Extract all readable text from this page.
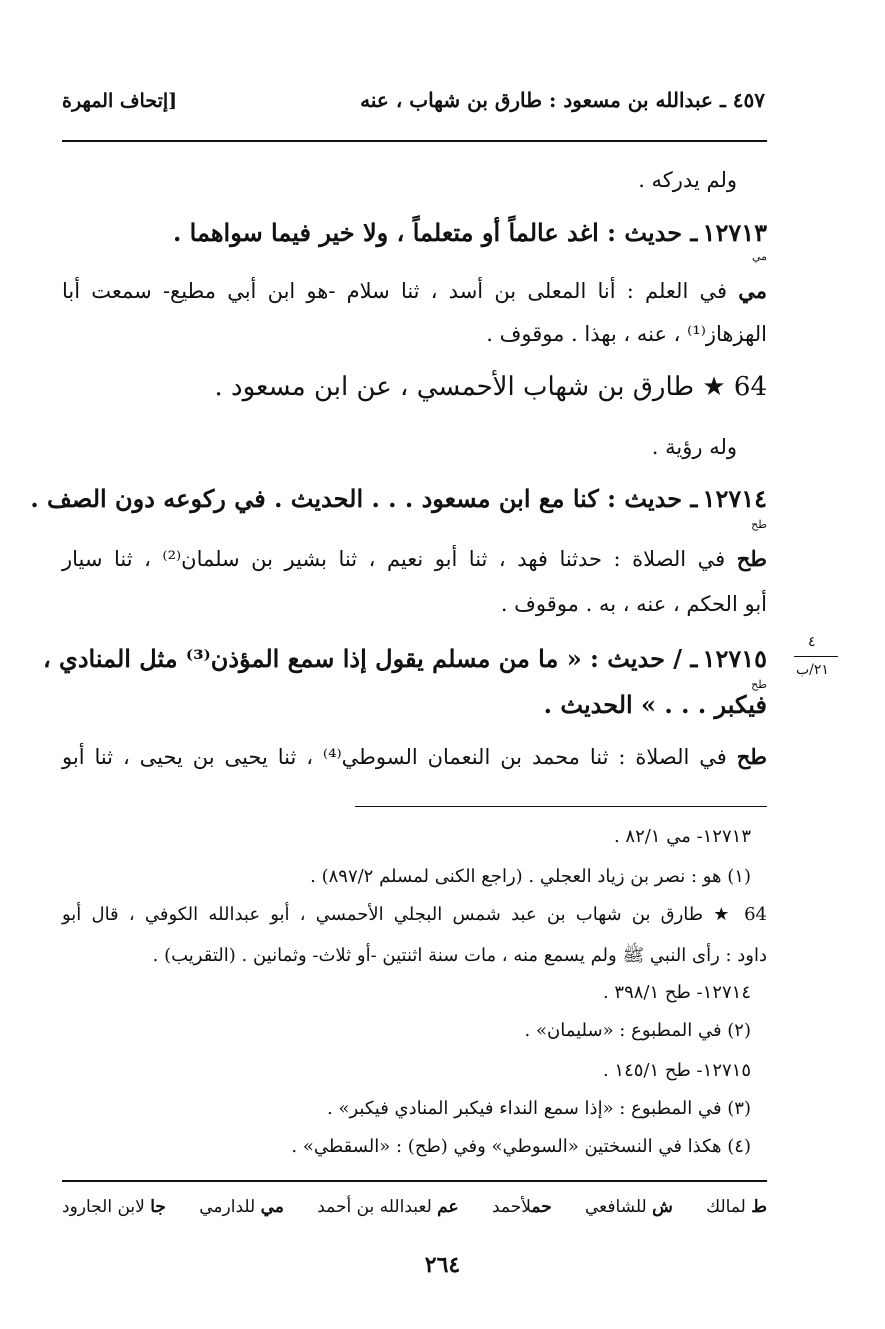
٤٥٧ ـ عبدالله بن مسعود : طارق بن شهاب ، عنه
[إتحاف المهرة
ولم يدركه .
١٢٧١٣ ـ حديث : اغد عالماً أو متعلماً ، ولا خير فيما سواهما .
مي
مي في العلم : أنا المعلى بن أسد ، ثنا سلام -هو ابن أبي مطيع- سمعت أبا
الهزهاز⁽¹⁾ ، عنه ، بهذا . موقوف .
64 ★ طارق بن شهاب الأحمسي ، عن ابن مسعود .
وله رؤية .
١٢٧١٤ ـ حديث : كنا مع ابن مسعود . . . الحديث . في ركوعه دون الصف .
طح
طح في الصلاة : حدثنا فهد ، ثنا أبو نعيم ، ثنا بشير بن سلمان⁽²⁾ ، ثنا سيار
أبو الحكم ، عنه ، به . موقوف .
١٢٧١٥ ـ / حديث : « ما من مسلم يقول إذا سمع المؤذن⁽³⁾ مثل المنادي ،
طح
فيكبر . . . » الحديث .
طح في الصلاة : ثنا محمد بن النعمان السوطي⁽⁴⁾ ، ثنا يحيى بن يحيى ، ثنا أبو
٤
٢١/ب
١٢٧١٣- مي ٨٢/١ .
(١) هو : نصر بن زياد العجلي . (راجع الكنى لمسلم ٨٩٧/٢) .
64 ★ طارق بن شهاب بن عبد شمس البجلي الأحمسي ، أبو عبدالله الكوفي ، قال أبو
داود : رأى النبي ﷺ ولم يسمع منه ، مات سنة اثنتين -أو ثلاث- وثمانين . (التقريب) .
١٢٧١٤- طح ٣٩٨/١ .
(٢) في المطبوع : «سليمان» .
١٢٧١٥- طح ١٤٥/١ .
(٣) في المطبوع : «إذا سمع النداء فيكبر المنادي فيكبر» .
(٤) هكذا في النسختين «السوطي» وفي (طح) : «السقطي» .
ط لمالك
ش للشافعي
حملأحمد
عم لعبدالله بن أحمد
مي للدارمي
جا لابن الجارود
٢٦٤
